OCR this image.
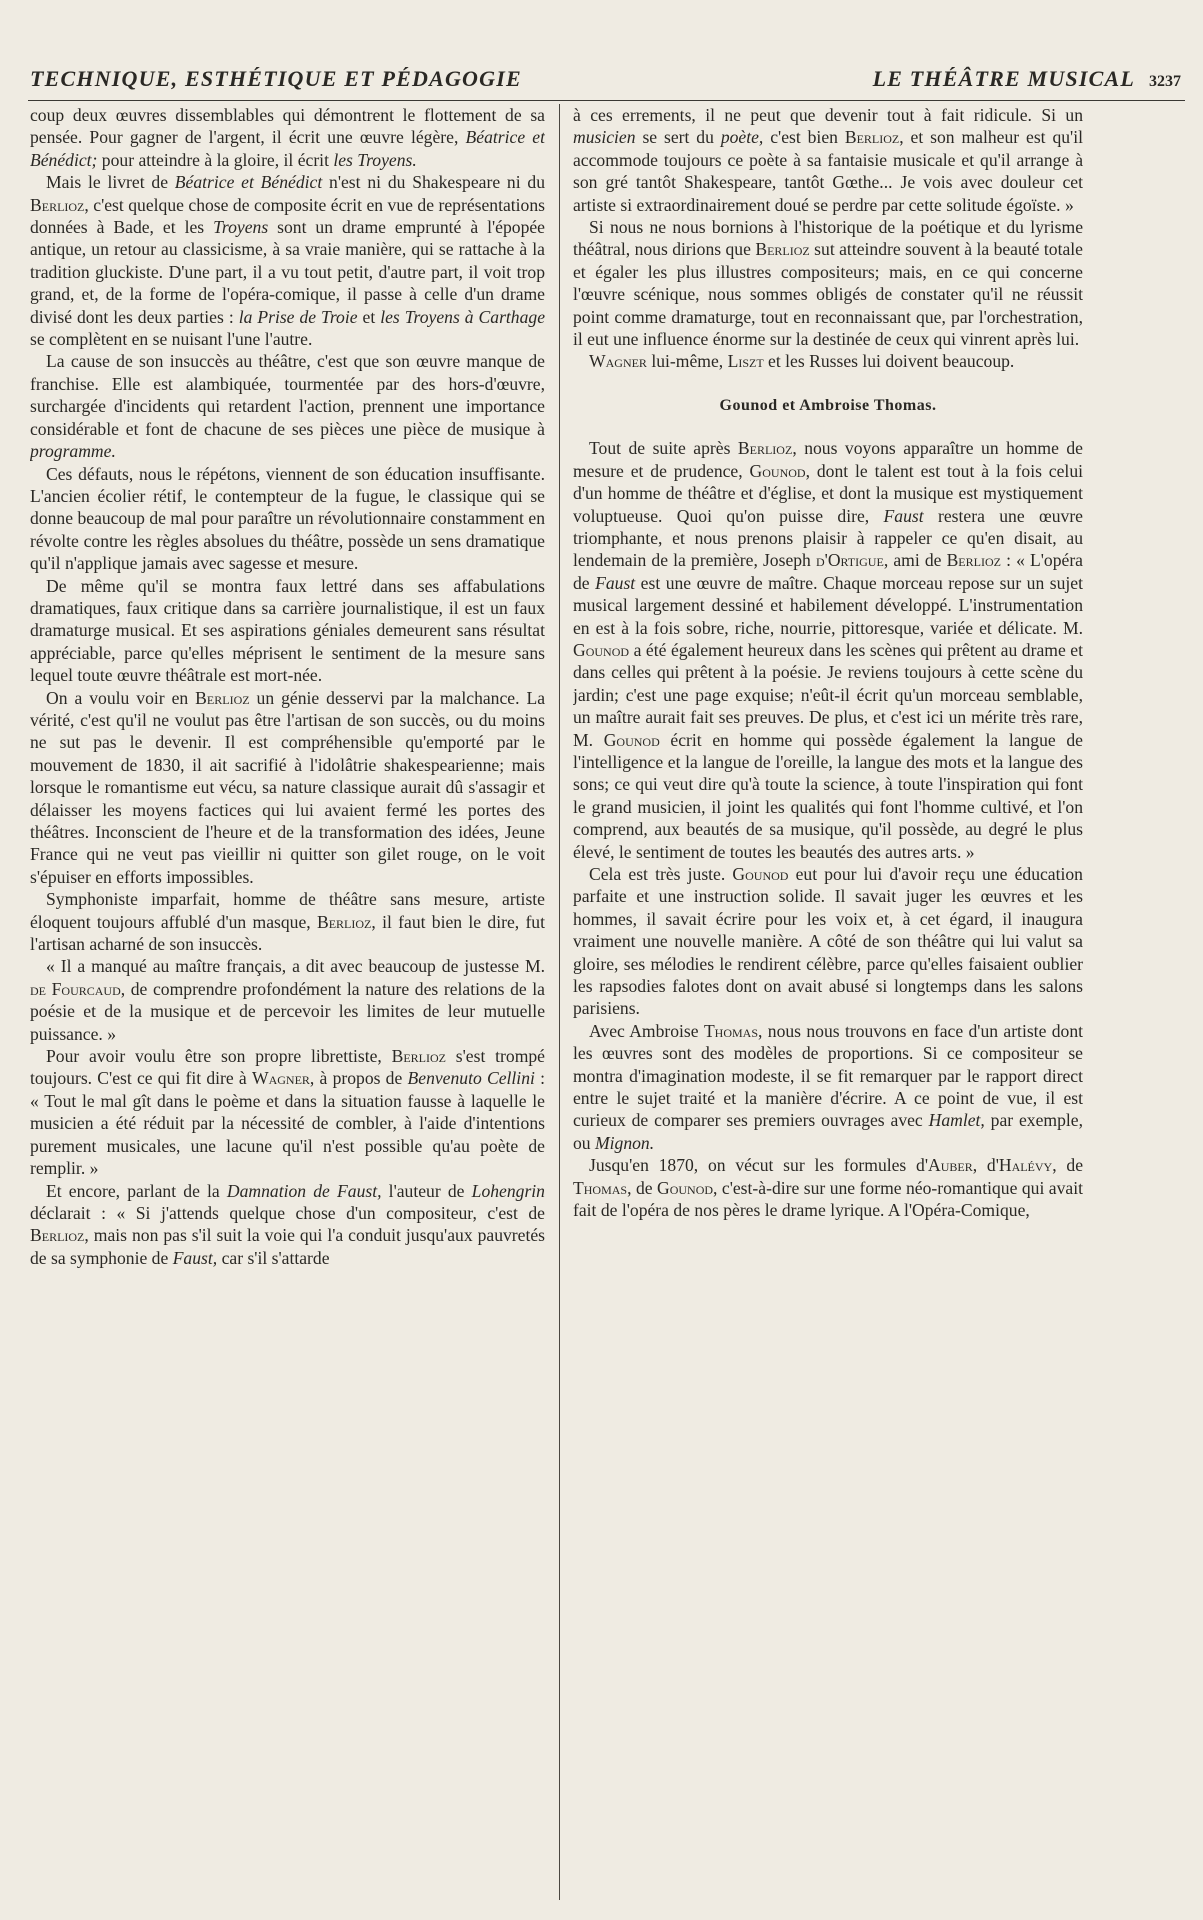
TECHNIQUE, ESTHÉTIQUE ET PÉDAGOGIE	LE THÉÂTRE MUSICAL 3237

coup deux œuvres dissemblables qui démontrent le flottement de sa pensée. Pour gagner de l'argent, il écrit une œuvre légère, Béatrice et Bénédict; pour atteindre à la gloire, il écrit les Troyens.

Mais le livret de Béatrice et Bénédict n'est ni du Shakespeare ni du Berlioz, c'est quelque chose de composite écrit en vue de représentations données à Bade, et les Troyens sont un drame emprunté à l'épopée antique, un retour au classicisme, à sa vraie manière, qui se rattache à la tradition gluckiste. D'une part, il a vu tout petit, d'autre part, il voit trop grand, et, de la forme de l'opéra-comique, il passe à celle d'un drame divisé dont les deux parties : la Prise de Troie et les Troyens à Carthage se complètent en se nuisant l'une l'autre.

La cause de son insuccès au théâtre, c'est que son œuvre manque de franchise. Elle est alambiquée, tourmentée par des hors-d'œuvre, surchargée d'incidents qui retardent l'action, prennent une importance considérable et font de chacune de ses pièces une pièce de musique à programme.

Ces défauts, nous le répétons, viennent de son éducation insuffisante. L'ancien écolier rétif, le contempteur de la fugue, le classique qui se donne beaucoup de mal pour paraître un révolutionnaire constamment en révolte contre les règles absolues du théâtre, possède un sens dramatique qu'il n'applique jamais avec sagesse et mesure.

De même qu'il se montra faux lettré dans ses affabulations dramatiques, faux critique dans sa carrière journalistique, il est un faux dramaturge musical. Et ses aspirations géniales demeurent sans résultat appréciable, parce qu'elles méprisent le sentiment de la mesure sans lequel toute œuvre théâtrale est mort-née.

On a voulu voir en Berlioz un génie desservi par la malchance. La vérité, c'est qu'il ne voulut pas être l'artisan de son succès, ou du moins ne sut pas le devenir. Il est compréhensible qu'emporté par le mouvement de 1830, il ait sacrifié à l'idolâtrie shakespearienne; mais lorsque le romantisme eut vécu, sa nature classique aurait dû s'assagir et délaisser les moyens factices qui lui avaient fermé les portes des théâtres. Inconscient de l'heure et de la transformation des idées, Jeune France qui ne veut pas vieillir ni quitter son gilet rouge, on le voit s'épuiser en efforts impossibles.

Symphoniste imparfait, homme de théâtre sans mesure, artiste éloquent toujours affublé d'un masque, Berlioz, il faut bien le dire, fut l'artisan acharné de son insuccès.

« Il a manqué au maître français, a dit avec beaucoup de justesse M. de Fourcaud, de comprendre profondément la nature des relations de la poésie et de la musique et de percevoir les limites de leur mutuelle puissance. »

Pour avoir voulu être son propre librettiste, Berlioz s'est trompé toujours. C'est ce qui fit dire à Wagner, à propos de Benvenuto Cellini : « Tout le mal gît dans le poème et dans la situation fausse à laquelle le musicien a été réduit par la nécessité de combler, à l'aide d'intentions purement musicales, une lacune qu'il n'est possible qu'au poète de remplir. »

Et encore, parlant de la Damnation de Faust, l'auteur de Lohengrin déclarait : « Si j'attends quelque chose d'un compositeur, c'est de Berlioz, mais non pas s'il suit la voie qui l'a conduit jusqu'aux pauvretés de sa symphonie de Faust, car s'il s'attarde

à ces errements, il ne peut que devenir tout à fait ridicule. Si un musicien se sert du poète, c'est bien Berlioz, et son malheur est qu'il accommode toujours ce poète à sa fantaisie musicale et qu'il arrange à son gré tantôt Shakespeare, tantôt Gœthe... Je vois avec douleur cet artiste si extraordinairement doué se perdre par cette solitude égoïste. »

Si nous ne nous bornions à l'historique de la poétique et du lyrisme théâtral, nous dirions que Berlioz sut atteindre souvent à la beauté totale et égaler les plus illustres compositeurs; mais, en ce qui concerne l'œuvre scénique, nous sommes obligés de constater qu'il ne réussit point comme dramaturge, tout en reconnaissant que, par l'orchestration, il eut une influence énorme sur la destinée de ceux qui vinrent après lui.

Wagner lui-même, Liszt et les Russes lui doivent beaucoup.

Gounod et Ambroise Thomas.

Tout de suite après Berlioz, nous voyons apparaître un homme de mesure et de prudence, Gounod, dont le talent est tout à la fois celui d'un homme de théâtre et d'église, et dont la musique est mystiquement voluptueuse. Quoi qu'on puisse dire, Faust restera une œuvre triomphante, et nous prenons plaisir à rappeler ce qu'en disait, au lendemain de la première, Joseph d'Ortigue, ami de Berlioz : « L'opéra de Faust est une œuvre de maître. Chaque morceau repose sur un sujet musical largement dessiné et habilement développé. L'instrumentation en est à la fois sobre, riche, nourrie, pittoresque, variée et délicate. M. Gounod a été également heureux dans les scènes qui prêtent au drame et dans celles qui prêtent à la poésie. Je reviens toujours à cette scène du jardin; c'est une page exquise; n'eût-il écrit qu'un morceau semblable, un maître aurait fait ses preuves. De plus, et c'est ici un mérite très rare, M. Gounod écrit en homme qui possède également la langue de l'intelligence et la langue de l'oreille, la langue des mots et la langue des sons; ce qui veut dire qu'à toute la science, à toute l'inspiration qui font le grand musicien, il joint les qualités qui font l'homme cultivé, et l'on comprend, aux beautés de sa musique, qu'il possède, au degré le plus élevé, le sentiment de toutes les beautés des autres arts. »

Cela est très juste. Gounod eut pour lui d'avoir reçu une éducation parfaite et une instruction solide. Il savait juger les œuvres et les hommes, il savait écrire pour les voix et, à cet égard, il inaugura vraiment une nouvelle manière. A côté de son théâtre qui lui valut sa gloire, ses mélodies le rendirent célèbre, parce qu'elles faisaient oublier les rapsodies falotes dont on avait abusé si longtemps dans les salons parisiens.

Avec Ambroise Thomas, nous nous trouvons en face d'un artiste dont les œuvres sont des modèles de proportions. Si ce compositeur se montra d'imagination modeste, il se fit remarquer par le rapport direct entre le sujet traité et la manière d'écrire. A ce point de vue, il est curieux de comparer ses premiers ouvrages avec Hamlet, par exemple, ou Mignon.

Jusqu'en 1870, on vécut sur les formules d'Auber, d'Halévy, de Thomas, de Gounod, c'est-à-dire sur une forme néo-romantique qui avait fait de l'opéra de nos pères le drame lyrique. A l'Opéra-Comique,
